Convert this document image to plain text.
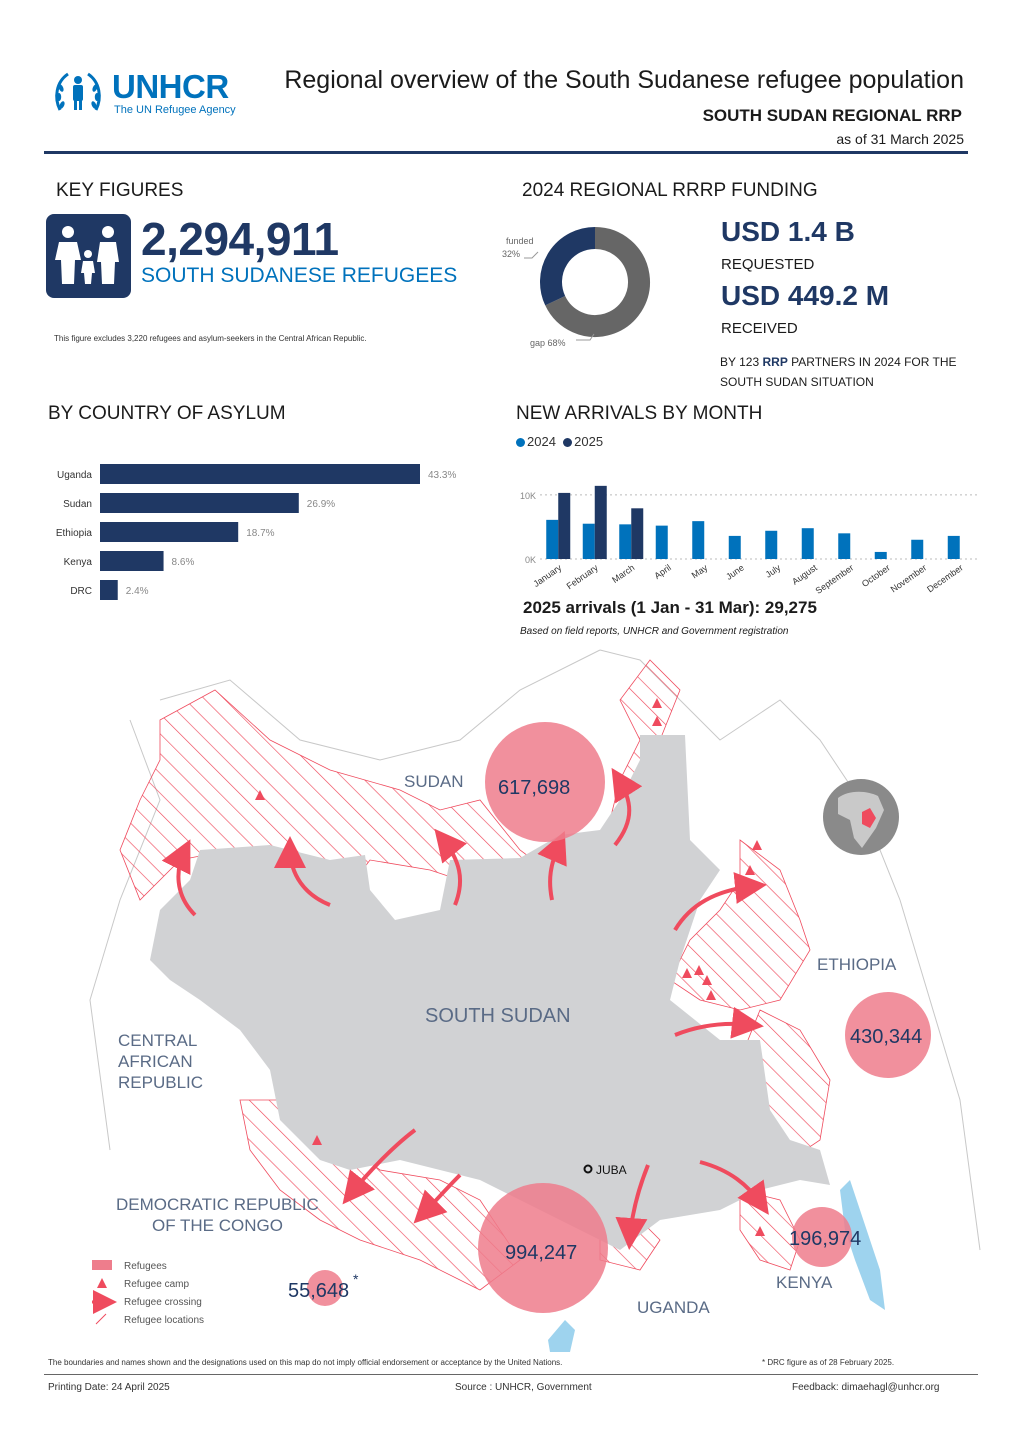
UNHCR
The UN Refugee Agency
Regional overview of the South Sudanese refugee population
SOUTH SUDAN REGIONAL RRP
as of 31 March 2025
KEY FIGURES
2,294,911
SOUTH SUDANESE REFUGEES
This figure excludes 3,220 refugees and asylum-seekers in the Central African Republic.
2024 REGIONAL RRRP FUNDING
funded
32%
gap 68%
USD 1.4 B
REQUESTED
USD 449.2 M
RECEIVED
BY 123 RRP PARTNERS IN 2024 FOR THE
SOUTH SUDAN SITUATION
BY COUNTRY OF ASYLUM
Uganda	43.3%
Sudan	26.9%
Ethiopia	18.7%
Kenya	8.6%
DRC	2.4%
NEW ARRIVALS BY MONTH
2024 2025
10K
0K
January February March April May June July August
September October
November
December
2025 arrivals (1 Jan - 31 Mar): 29,275
Based on field reports, UNHCR and Government registration
SUDAN
ETHIOPIA
SOUTH SUDAN
CENTRAL
AFRICAN
REPUBLIC
DEMOCRATIC REPUBLIC
OF THE CONGO
KENYA
UGANDA
JUBA
617,698
430,344
994,247
196,974
55,648
*
Refugees
Refugee camp
Refugee crossing
Refugee locations
The boundaries and names shown and the designations used on this map do not imply official endorsement or acceptance by the United Nations.	* DRC figure as of 28 February 2025.
Printing Date: 24 April 2025	Source : UNHCR, Government	Feedback: dimaehagl@unhcr.org
